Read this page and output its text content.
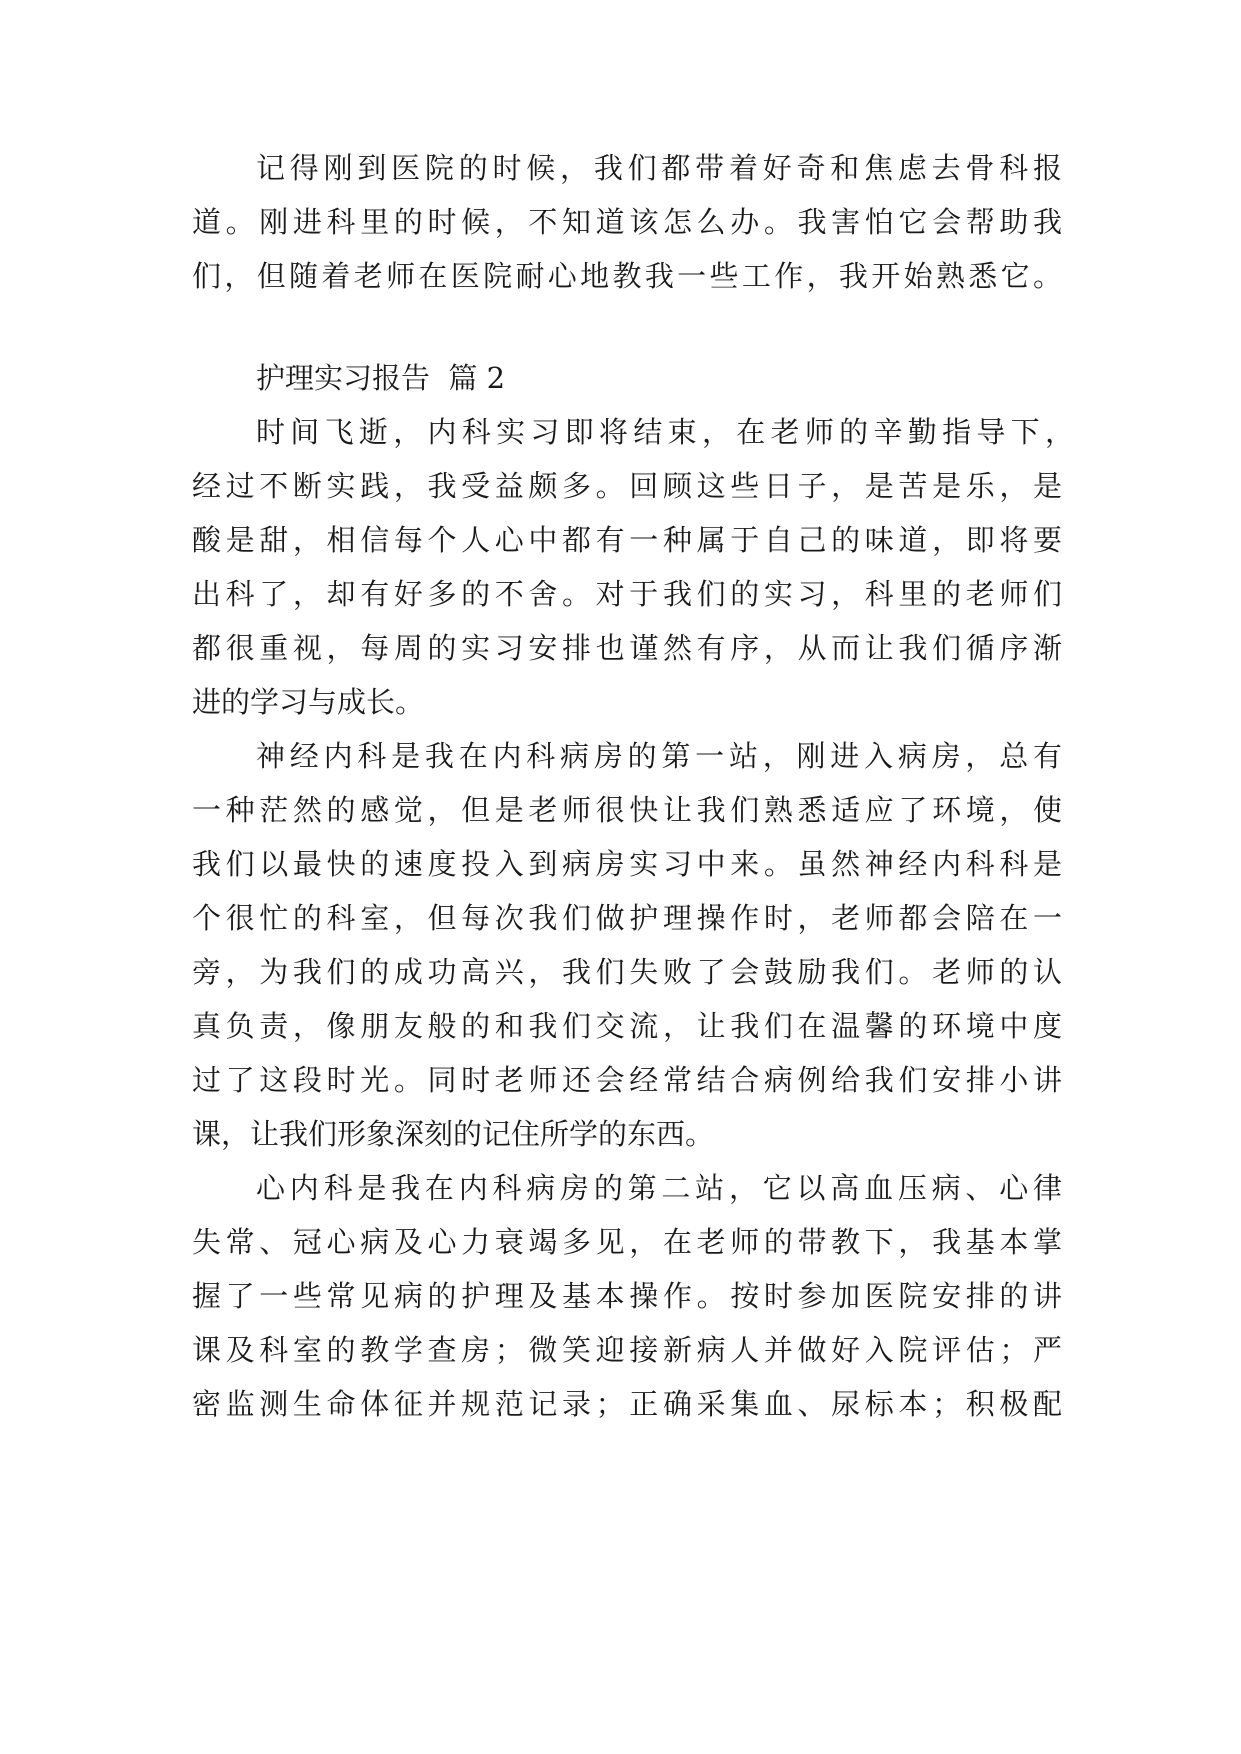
记得刚到医院的时候，我们都带着好奇和焦虑去骨科报
道。刚进科里的时候，不知道该怎么办。我害怕它会帮助我
们，但随着老师在医院耐心地教我一些工作，我开始熟悉它。
护理实习报告  篇 2
时间飞逝，内科实习即将结束，在老师的辛勤指导下，
经过不断实践，我受益颇多。回顾这些日子，是苦是乐，是
酸是甜，相信每个人心中都有一种属于自己的味道，即将要
出科了，却有好多的不舍。对于我们的实习，科里的老师们
都很重视，每周的实习安排也谨然有序，从而让我们循序渐
进的学习与成长。
神经内科是我在内科病房的第一站，刚进入病房，总有
一种茫然的感觉，但是老师很快让我们熟悉适应了环境，使
我们以最快的速度投入到病房实习中来。虽然神经内科科是
个很忙的科室，但每次我们做护理操作时，老师都会陪在一
旁，为我们的成功高兴，我们失败了会鼓励我们。老师的认
真负责，像朋友般的和我们交流，让我们在温馨的环境中度
过了这段时光。同时老师还会经常结合病例给我们安排小讲
课，让我们形象深刻的记住所学的东西。
心内科是我在内科病房的第二站，它以高血压病、心律
失常、冠心病及心力衰竭多见，在老师的带教下，我基本掌
握了一些常见病的护理及基本操作。按时参加医院安排的讲
课及科室的教学查房；微笑迎接新病人并做好入院评估；严
密监测生命体征并规范记录；正确采集血、尿标本；积极配
